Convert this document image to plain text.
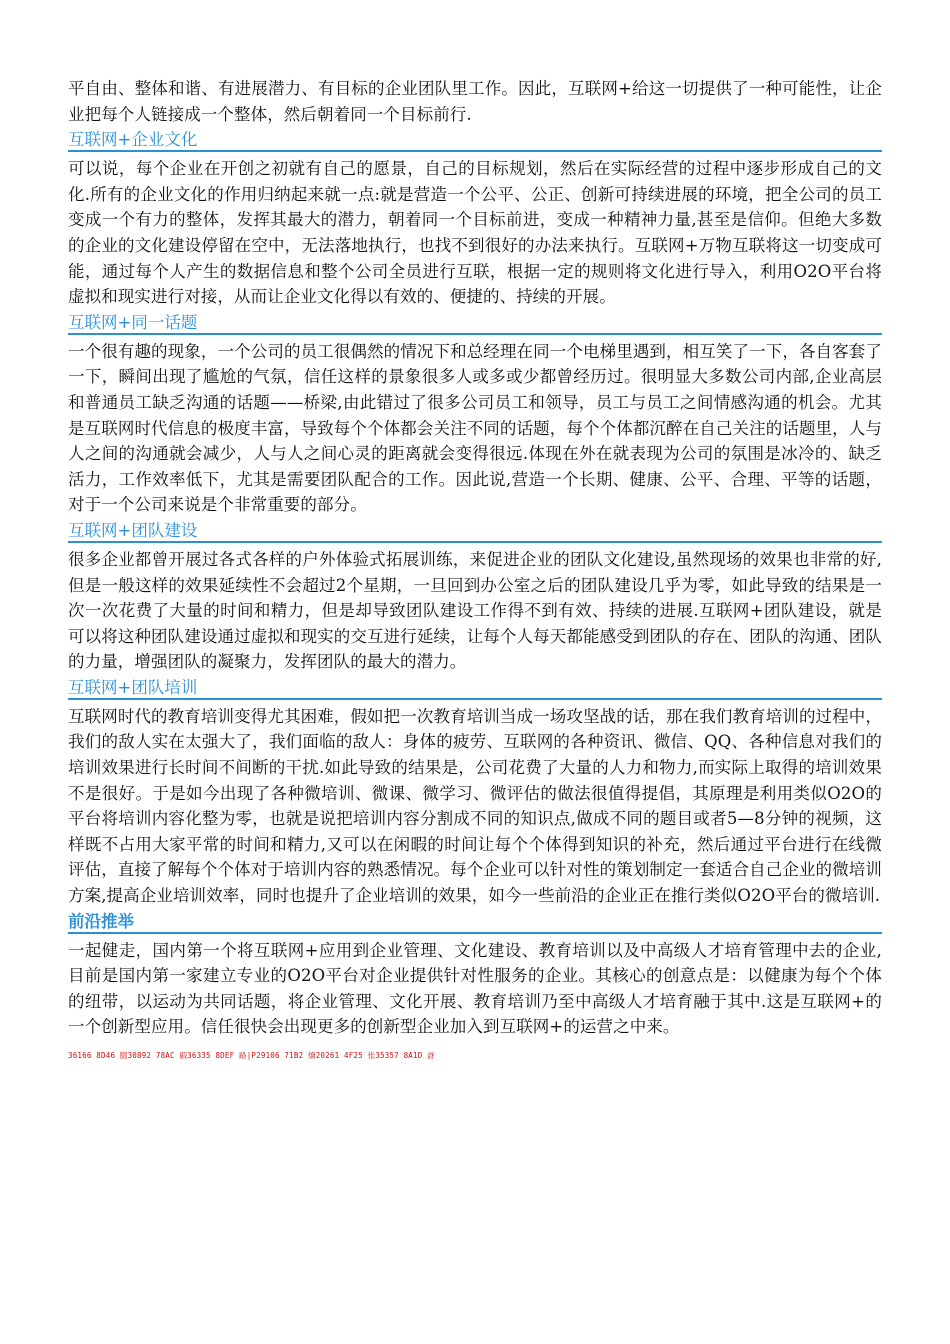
平自由、整体和谐、有进展潜力、有目标的企业团队里工作。因此，互联网+给这一切提供了一种可能性，让企业把每个人链接成一个整体，然后朝着同一个目标前行.

互联网+企业文化

可以说，每个企业在开创之初就有自己的愿景，自己的目标规划，然后在实际经营的过程中逐步形成自己的文化.所有的企业文化的作用归纳起来就一点:就是营造一个公平、公正、创新可持续进展的环境，把全公司的员工变成一个有力的整体，发挥其最大的潜力，朝着同一个目标前进，变成一种精神力量,甚至是信仰。但绝大多数的企业的文化建设停留在空中，无法落地执行，也找不到很好的办法来执行。互联网+万物互联将这一切变成可能，通过每个人产生的数据信息和整个公司全员进行互联，根据一定的规则将文化进行导入，利用O2O平台将虚拟和现实进行对接，从而让企业文化得以有效的、便捷的、持续的开展。

互联网+同一话题

一个很有趣的现象，一个公司的员工很偶然的情况下和总经理在同一个电梯里遇到，相互笑了一下，各自客套了一下，瞬间出现了尴尬的气氛，信任这样的景象很多人或多或少都曾经历过。很明显大多数公司内部,企业高层和普通员工缺乏沟通的话题——桥梁,由此错过了很多公司员工和领导，员工与员工之间情感沟通的机会。尤其是互联网时代信息的极度丰富，导致每个个体都会关注不同的话题，每个个体都沉醉在自己关注的话题里，人与人之间的沟通就会减少，人与人之间心灵的距离就会变得很远.体现在外在就表现为公司的氛围是冰冷的、缺乏活力，工作效率低下，尤其是需要团队配合的工作。因此说,营造一个长期、健康、公平、合理、平等的话题，对于一个公司来说是个非常重要的部分。

互联网+团队建设

很多企业都曾开展过各式各样的户外体验式拓展训练，来促进企业的团队文化建设,虽然现场的效果也非常的好,但是一般这样的效果延续性不会超过2个星期，一旦回到办公室之后的团队建设几乎为零，如此导致的结果是一次一次花费了大量的时间和精力，但是却导致团队建设工作得不到有效、持续的进展.互联网+团队建设，就是可以将这种团队建设通过虚拟和现实的交互进行延续，让每个人每天都能感受到团队的存在、团队的沟通、团队的力量，增强团队的凝聚力，发挥团队的最大的潜力。

互联网+团队培训

互联网时代的教育培训变得尤其困难，假如把一次教育培训当成一场攻坚战的话，那在我们教育培训的过程中，我们的敌人实在太强大了，我们面临的敌人：身体的疲劳、互联网的各种资讯、微信、QQ、各种信息对我们的培训效果进行长时间不间断的干扰.如此导致的结果是，公司花费了大量的人力和物力,而实际上取得的培训效果不是很好。于是如今出现了各种微培训、微课、微学习、微评估的做法很值得提倡，其原理是利用类似O2O的平台将培训内容化整为零，也就是说把培训内容分割成不同的知识点,做成不同的题目或者5—8分钟的视频，这样既不占用大家平常的时间和精力,又可以在闲暇的时间让每个个体得到知识的补充，然后通过平台进行在线微评估，直接了解每个个体对于培训内容的熟悉情况。每个企业可以针对性的策划制定一套适合自己企业的微培训方案,提高企业培训效率，同时也提升了企业培训的效果，如今一些前沿的企业正在推行类似O2O平台的微培训.

前沿推举

一起健走，国内第一个将互联网+应用到企业管理、文化建设、教育培训以及中高级人才培育管理中去的企业,目前是国内第一家建立专业的O2O平台对企业提供针对性服务的企业。其核心的创意点是：以健康为每个个体的纽带，以运动为共同话题，将企业管理、文化开展、教育培训乃至中高级人才培育融于其中.这是互联网+的一个创新型应用。信任很快会出现更多的创新型企业加入到互联网+的运营之中来。

36166 8D46 腏30892 78AC 碬36335 8DEF 路|P29106 71B2 燲20261 4F25 伥35357 8A1D 訝
